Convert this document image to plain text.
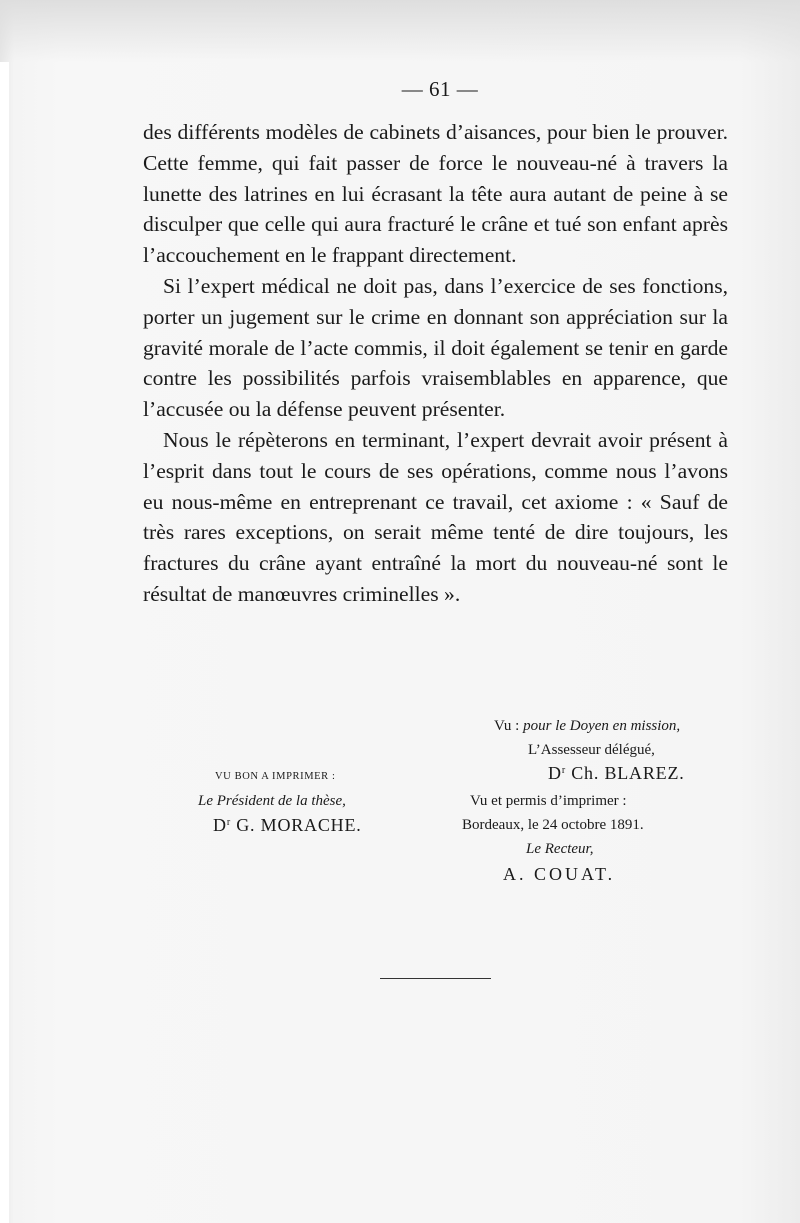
— 61 —

des différents modèles de cabinets d’aisances, pour bien le prouver. Cette femme, qui fait passer de force le nouveau-né à travers la lunette des latrines en lui écrasant la tête aura autant de peine à se disculper que celle qui aura fracturé le crâne et tué son enfant après l’accouchement en le frappant directement.

Si l’expert médical ne doit pas, dans l’exercice de ses fonctions, porter un jugement sur le crime en donnant son appréciation sur la gravité morale de l’acte commis, il doit également se tenir en garde contre les possibilités parfois vraisemblables en apparence, que l’accusée ou la défense peuvent présenter.

Nous le répèterons en terminant, l’expert devrait avoir présent à l’esprit dans tout le cours de ses opérations, comme nous l’avons eu nous-même en entreprenant ce travail, cet axiome : « Sauf de très rares exceptions, on serait même tenté de dire toujours, les fractures du crâne ayant entraîné la mort du nouveau-né sont le résultat de manœuvres criminelles ».

Vu : pour le Doyen en mission,
L’Assesseur délégué,
$D^r$ Ch. BLAREZ.
Vu et permis d’imprimer :
Bordeaux, le 24 octobre 1891.
Le Recteur,
A. COUAT.
VU BON A IMPRIMER :
Le Président de la thèse,
$D^r$ G. MORACHE.
